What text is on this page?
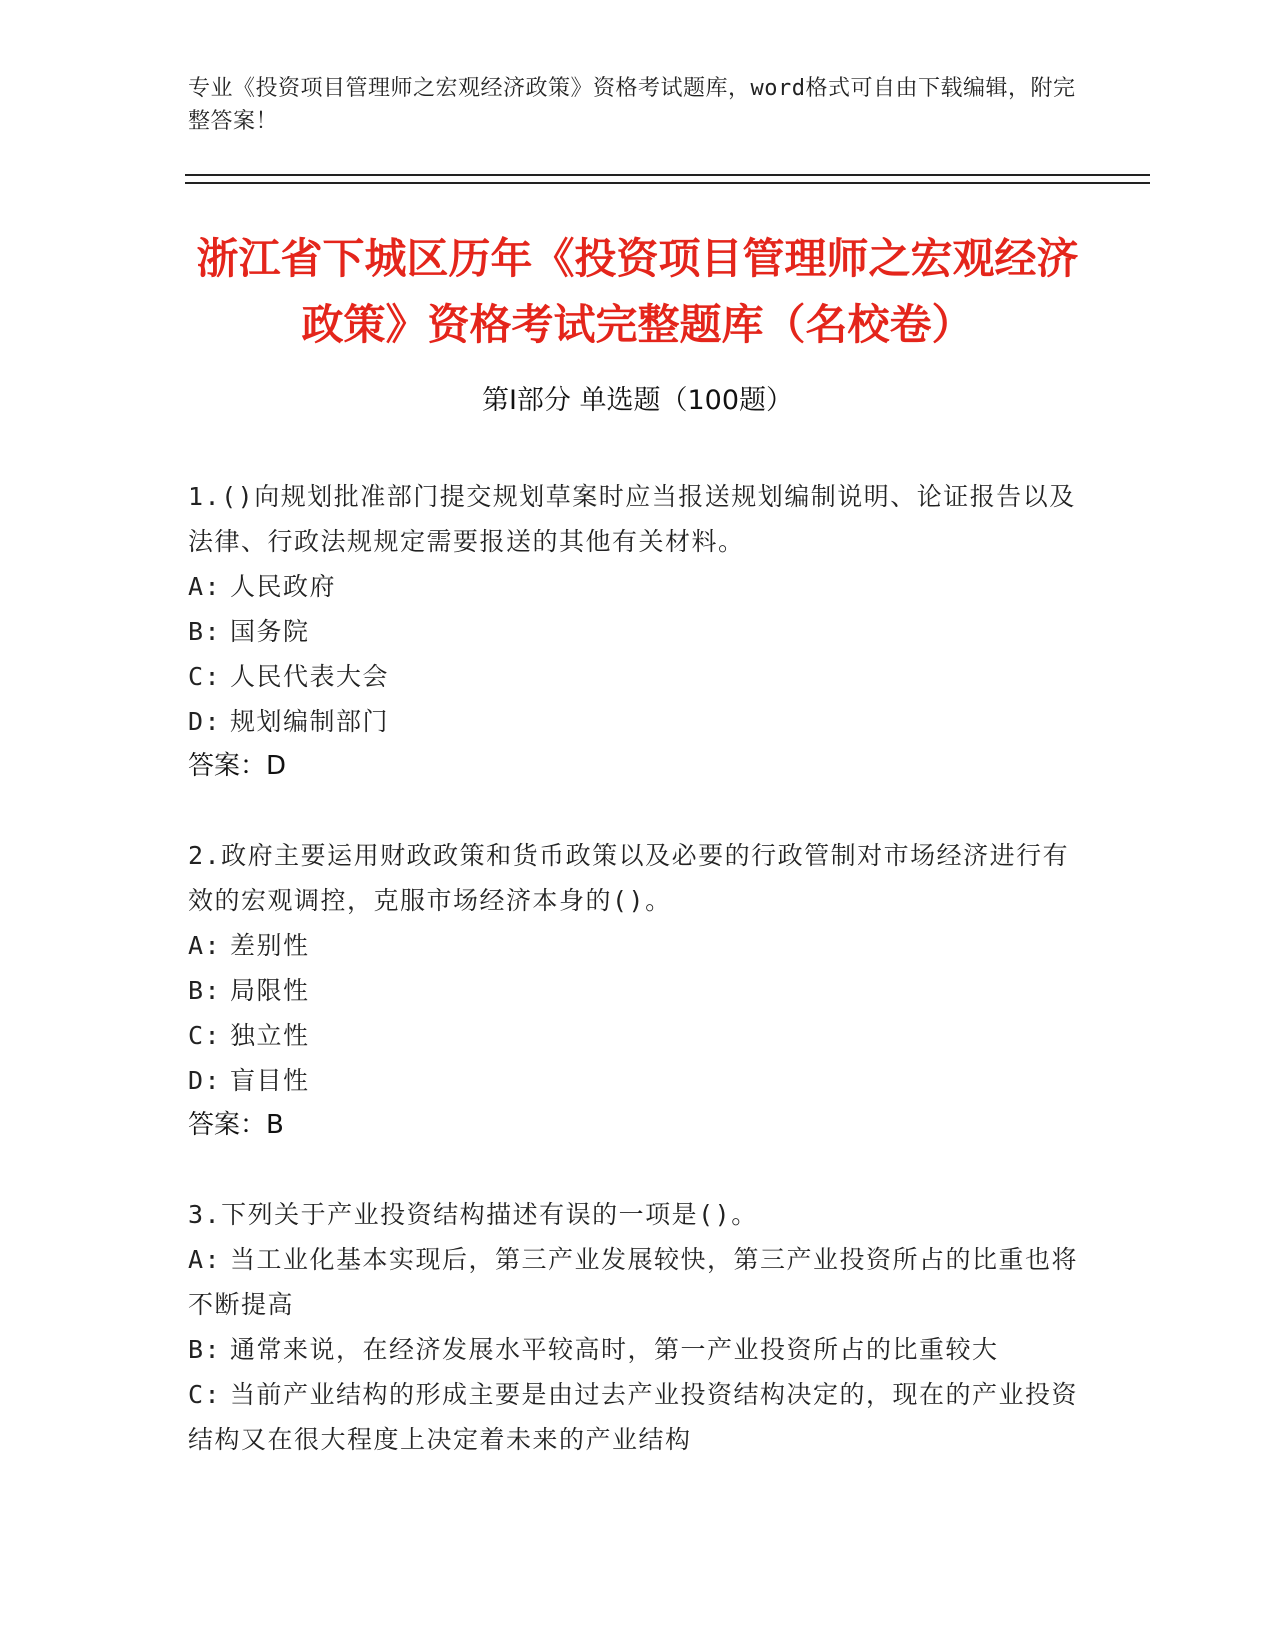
专业《投资项目管理师之宏观经济政策》资格考试题库，word格式可自由下载编辑，附完整答案！
浙江省下城区历年《投资项目管理师之宏观经济政策》资格考试完整题库（名校卷）
第I部分 单选题（100题）
1.()向规划批准部门提交规划草案时应当报送规划编制说明、论证报告以及法律、行政法规规定需要报送的其他有关材料。
A: 人民政府
B: 国务院
C: 人民代表大会
D: 规划编制部门
答案：D
2.政府主要运用财政政策和货币政策以及必要的行政管制对市场经济进行有效的宏观调控，克服市场经济本身的()。
A: 差别性
B: 局限性
C: 独立性
D: 盲目性
答案：B
3.下列关于产业投资结构描述有误的一项是()。
A: 当工业化基本实现后，第三产业发展较快，第三产业投资所占的比重也将不断提高
B: 通常来说，在经济发展水平较高时，第一产业投资所占的比重较大
C: 当前产业结构的形成主要是由过去产业投资结构决定的，现在的产业投资结构又在很大程度上决定着未来的产业结构
